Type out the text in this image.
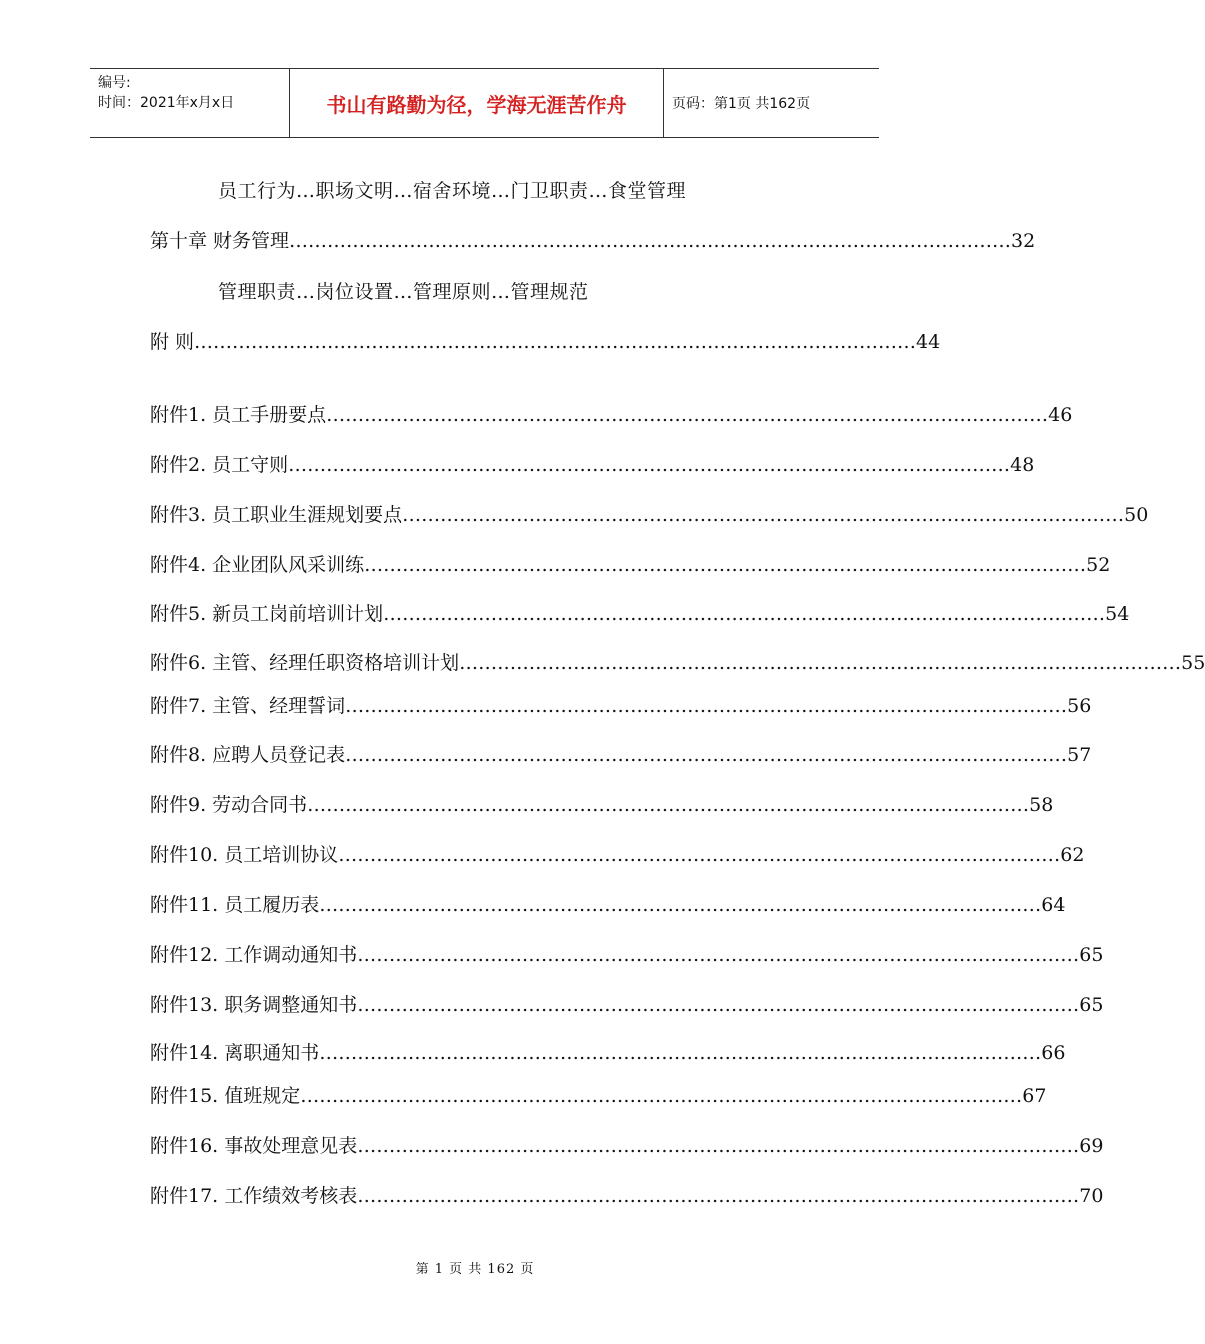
编号:
时间：2021年x月x日	书山有路勤为径，学海无涯苦作舟	页码：第1页 共162页
员工行为…职场文明…宿舍环境…门卫职责…食堂管理
管理职责…岗位设置…管理原则…管理规范
第十章 财务管理 …………………………………………………………………………………………………… 32
附 则 …………………………………………………………………………………………………… 44
附件1. 员工手册要点 …………………………………………………………………………………………………… 46
附件2. 员工守则 …………………………………………………………………………………………………… 48
附件3. 员工职业生涯规划要点 …………………………………………………………………………………………………… 50
附件4. 企业团队风采训练 …………………………………………………………………………………………………… 52
附件5. 新员工岗前培训计划 …………………………………………………………………………………………………… 54
附件6. 主管、经理任职资格培训计划 …………………………………………………………………………………………………… 55
附件7. 主管、经理誓词 …………………………………………………………………………………………………… 56
附件8. 应聘人员登记表 …………………………………………………………………………………………………… 57
附件9. 劳动合同书 …………………………………………………………………………………………………… 58
附件10. 员工培训协议 …………………………………………………………………………………………………… 62
附件11. 员工履历表 …………………………………………………………………………………………………… 64
附件12. 工作调动通知书 …………………………………………………………………………………………………… 65
附件13. 职务调整通知书 …………………………………………………………………………………………………… 65
附件14. 离职通知书 …………………………………………………………………………………………………… 66
附件15. 值班规定 …………………………………………………………………………………………………… 67
附件16. 事故处理意见表 …………………………………………………………………………………………………… 69
附件17. 工作绩效考核表 …………………………………………………………………………………………………… 70
第 1 页 共 162 页
